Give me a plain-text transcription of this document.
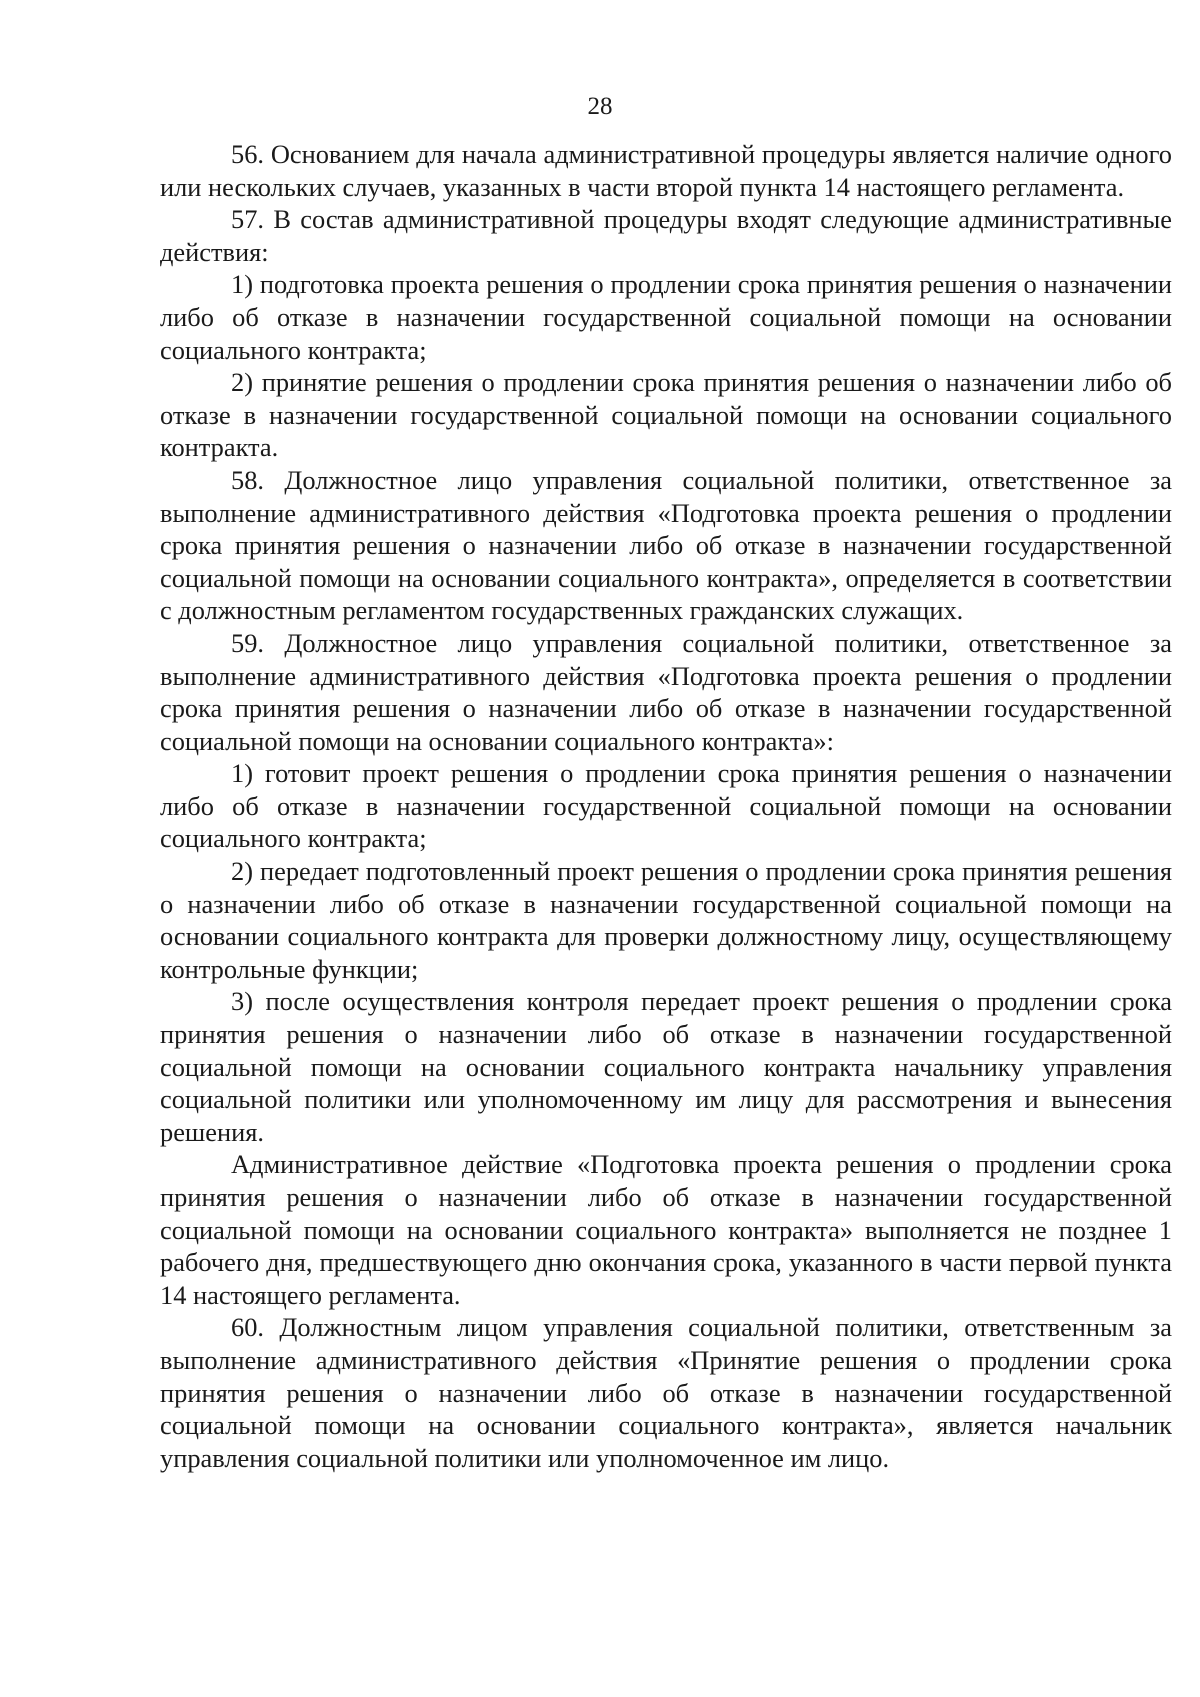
28

56. Основанием для начала административной процедуры является наличие одного или нескольких случаев, указанных в части второй пункта 14 настоящего регламента.

57. В состав административной процедуры входят следующие административные действия:

1) подготовка проекта решения о продлении срока принятия решения о назначении либо об отказе в назначении государственной социальной помощи на основании социального контракта;

2) принятие решения о продлении срока принятия решения о назначении либо об отказе в назначении государственной социальной помощи на основании социального контракта.

58. Должностное лицо управления социальной политики, ответственное за выполнение административного действия «Подготовка проекта решения о продлении срока принятия решения о назначении либо об отказе в назначении государственной социальной помощи на основании социального контракта», определяется в соответствии с должностным регламентом государственных гражданских служащих.

59. Должностное лицо управления социальной политики, ответственное за выполнение административного действия «Подготовка проекта решения о продлении срока принятия решения о назначении либо об отказе в назначении государственной социальной помощи на основании социального контракта»:

1) готовит проект решения о продлении срока принятия решения о назначении либо об отказе в назначении государственной социальной помощи на основании социального контракта;

2) передает подготовленный проект решения о продлении срока принятия решения о назначении либо об отказе в назначении государственной социальной помощи на основании социального контракта для проверки должностному лицу, осуществляющему контрольные функции;

3) после осуществления контроля передает проект решения о продлении срока принятия решения о назначении либо об отказе в назначении государственной социальной помощи на основании социального контракта начальнику управления социальной политики или уполномоченному им лицу для рассмотрения и вынесения решения.

Административное действие «Подготовка проекта решения о продлении срока принятия решения о назначении либо об отказе в назначении государственной социальной помощи на основании социального контракта» выполняется не позднее 1 рабочего дня, предшествующего дню окончания срока, указанного в части первой пункта 14 настоящего регламента.

60. Должностным лицом управления социальной политики, ответственным за выполнение административного действия «Принятие решения о продлении срока принятия решения о назначении либо об отказе в назначении государственной социальной помощи на основании социального контракта», является начальник управления социальной политики или уполномоченное им лицо.
